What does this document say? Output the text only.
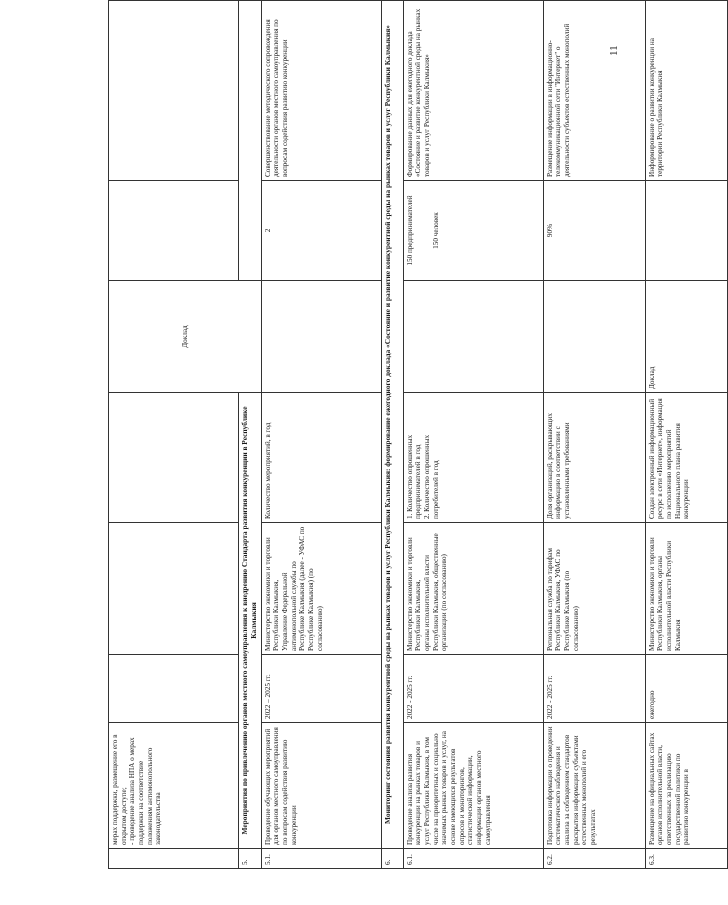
	мерах поддержки, размещение его в открытом доступе;
- проведение анализа НПА о мерах поддержки на соответствие положениям антимонопольного законодательства				Доклад		
5.	Мероприятия по привлечению органов местного самоуправления к внедрению Стандарта развития конкуренции в Республике Калмыкия						
5.1.	Проведение обучающих мероприятий для органов местного самоуправления по вопросам содействия развитию конкуренции	2022 – 2025 гг.	Министерство экономики и торговли Республики Калмыкия,
Управление Федеральной антимонопольной службы по Республике Калмыкия (далее - УФАС по Республике Калмыкия) (по согласованию)	Количество мероприятий, в год		2	Совершенствование методического сопровождения деятельности органов местного самоуправления по вопросам содействия развитию конкуренции
6.	Мониторинг состояния развития конкурентной среды на рынках товаров и услуг Республики Калмыкия: формирование ежегодного доклада «Состояние и развитие конкурентной среды на рынках товаров и услуг Республики Калмыкия»						
6.1.	Проведение анализа развития конкуренции на рынках товаров и услуг Республики Калмыкия, в том числе на приоритетных и социально значимых рынках товаров и услуг, на основе имеющихся результатов опросов и мониторингов, статистической информации, информации органов местного самоуправления	2022 - 2025 гг.	Министерство экономики и торговли Республики Калмыкия,
органы исполнительной власти Республики Калмыкия, общественные организации (по согласованию)	1. Количество опрошенных предпринимателей в год
2. Количество опрошенных потребителей в год		150 предпринимателей

150 человек	Формирование данных для ежегодного доклада «Состояние и развитие конкурентной среды на рынках товаров и услуг Республики Калмыкия»
6.2.	Подготовка информации о проведении систематического наблюдения и анализа за соблюдением стандартов раскрытия информации субъектами естественных монополий и его результатах	2022 - 2025 гг.	Региональная служба по тарифам Республики Калмыкия, УФАС по Республике Калмыкия (по согласованию)	Доля организаций, раскрывающих информацию в соответствии с установленными требованиями		90%	Размещение информации в информационно-телекоммуникационной сети "Интернет" о деятельности субъектов естественных монополий
6.3.	Размещение на официальных сайтах органов исполнительной власти, ответственных за реализацию государственной политики по развитию конкуренции в	ежегодно	Министерство экономики и торговли Республики Калмыкия, органы исполнительной власти Республики Калмыкия	Создан электронный информационный ресурс в сети «Интернет», информация по исполнению мероприятий Национального плана развития конкуренции	Доклад		Информирование о развитии конкуренции на территории Республики Калмыкия
11
